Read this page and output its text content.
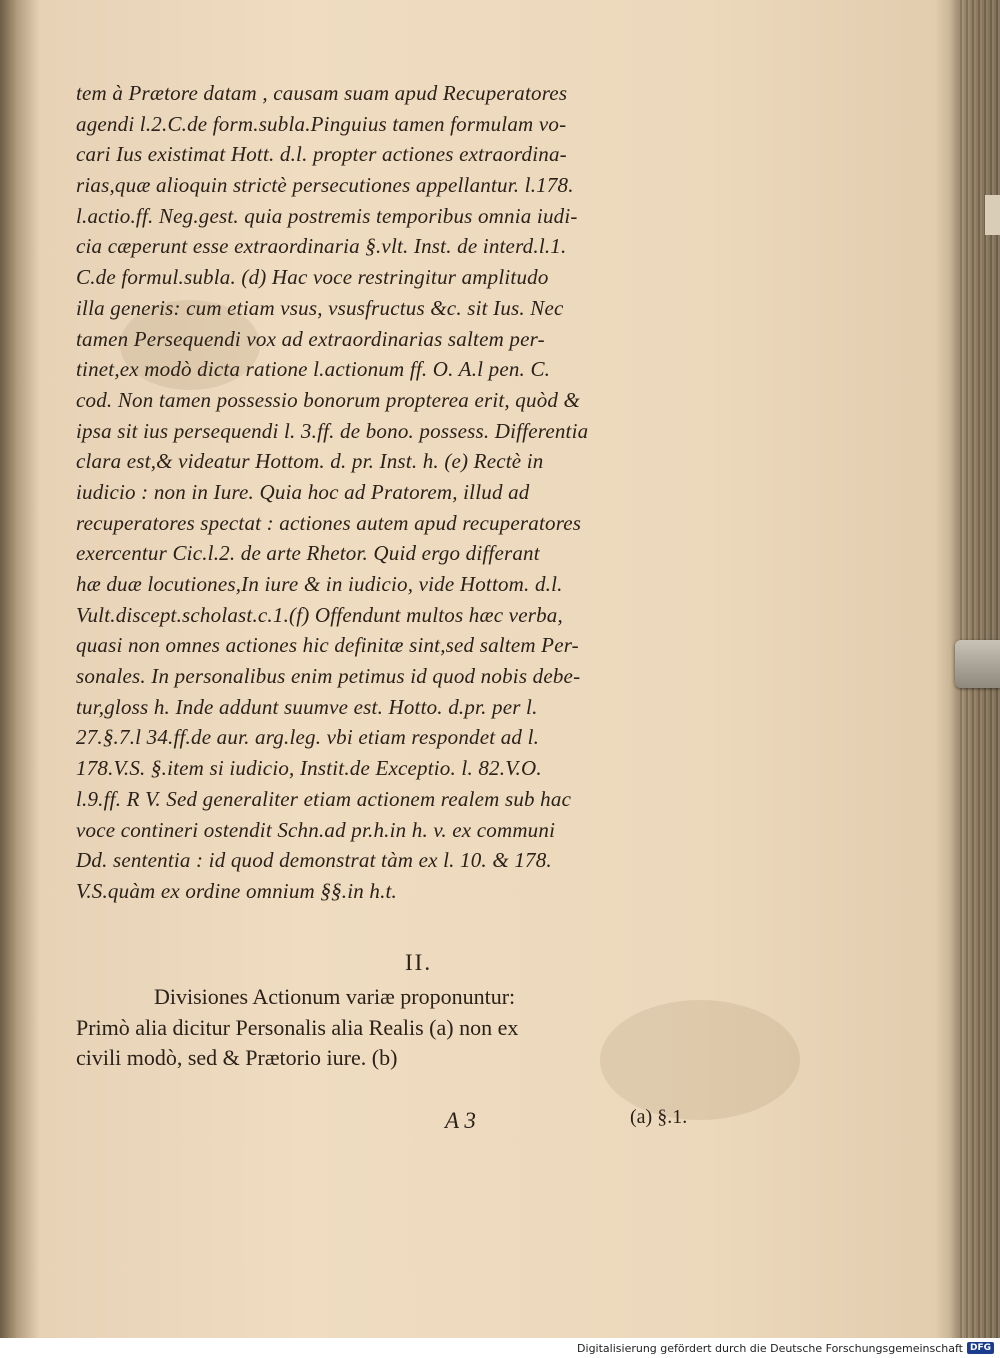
tem à Prætore datam , causam suam apud Recuperatores
agendi l.2.C.de form.subla.Pinguius tamen formulam vo-
cari Ius existimat Hott. d.l. propter actiones extraordina-
rias,quæ alioquin strictè persecutiones appellantur. l.178.
l.actio.ff. Neg.gest. quia postremis temporibus omnia iudi-
cia cæperunt esse extraordinaria §.vlt. Inst. de interd.l.1.
C.de formul.subla. (d) Hac voce restringitur amplitudo
illa generis: cum etiam vsus, vsusfructus &c. sit Ius. Nec
tamen Persequendi vox ad extraordinarias saltem per-
tinet,ex modò dicta ratione l.actionum ff. O. A.l pen. C.
cod. Non tamen possessio bonorum propterea erit, quòd &
ipsa sit ius persequendi l. 3.ff. de bono. possess. Differentia
clara est,& videatur Hottom. d. pr. Inst. h. (e) Rectè in
iudicio : non in Iure. Quia hoc ad Pratorem, illud ad
recuperatores spectat : actiones autem apud recuperatores
exercentur Cic.l.2. de arte Rhetor. Quid ergo differant
hæ duæ locutiones,In iure & in iudicio, vide Hottom. d.l.
Vult.discept.scholast.c.1.(f) Offendunt multos hæc verba,
quasi non omnes actiones hic definitæ sint,sed saltem Per-
sonales. In personalibus enim petimus id quod nobis debe-
tur,gloss h. Inde addunt suumve est. Hotto. d.pr. per l.
27.§.7.l 34.ff.de aur. arg.leg. vbi etiam respondet ad l.
178.V.S. §.item si iudicio, Instit.de Exceptio. l. 82.V.O.
l.9.ff. R V. Sed generaliter etiam actionem realem sub hac
voce contineri ostendit Schn.ad pr.h.in h. v. ex communi
Dd. sententia : id quod demonstrat tàm ex l. 10. & 178.
V.S.quàm ex ordine omnium §§.in h.t.
II.
Divisiones Actionum variæ proponuntur:
Primò alia dicitur Personalis alia Realis (a) non ex
civili modò, sed & Prætorio iure. (b)
A 3	(a) §.1.
Digitalisierung gefördert durch die Deutsche Forschungsgemeinschaft DFG
